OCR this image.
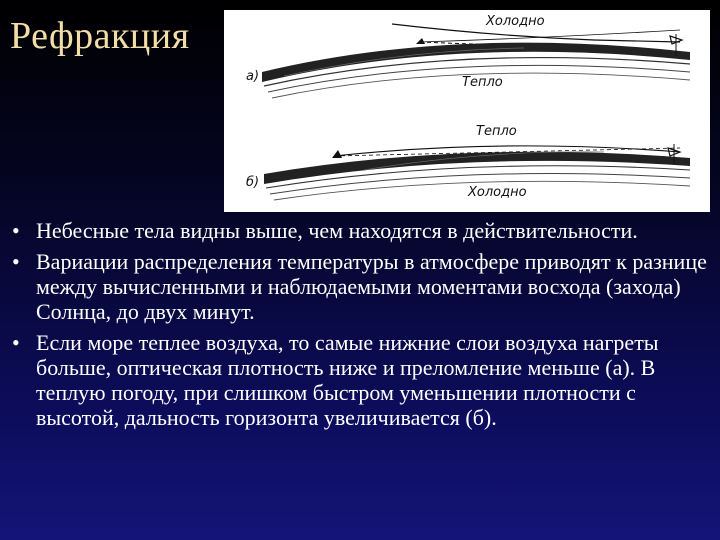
Рефракция	Холодно
а)	Тепло
Тепло
б)
Холодно
• Небесные тела видны выше, чем находятся в действительности.
• Вариации распределения температуры в атмосфере приводят к разнице между вычисленными и наблюдаемыми моментами восхода (захода) Солнца, до двух минут.
• Если море теплее воздуха, то самые нижние слои воздуха нагреты больше, оптическая плотность ниже и преломление меньше (а). В теплую погоду, при слишком быстром уменьшении плотности с высотой, дальность горизонта увеличивается (б).
